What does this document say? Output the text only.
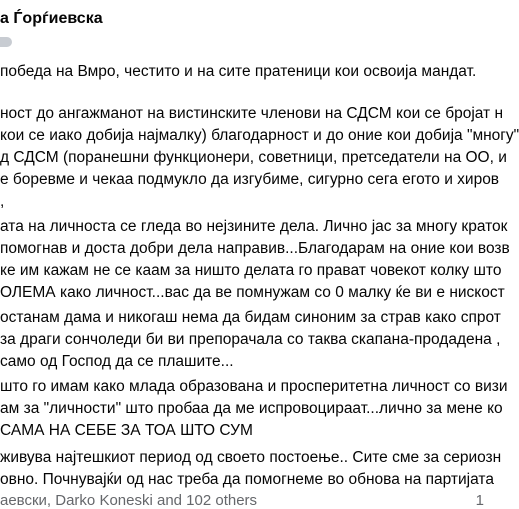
a Ѓорѓиевска
победа на Вмро, честито и на сите пратеници кои освоија мандат.
ност до ангажманот на вистинските членови на СДСМ кои се бројат н
кои се иако добија најмалку) благодарност и до оние кои добија "многу"
д СДСМ (поранешни функционери, советници, претседатели на ОО, и
е боревме и чекаа подмукло да изгубиме, сигурно сега егото и хиров
,
ата на личноста се гледа во нејзините дела. Лично јас за многу краток
помогнав и доста добри дела направив...Благодарам на оние кои возв
ке им кажам не се каам за ништо делата го прават човекот колку што
ОЛЕМА како личност...вас да ве помнужам со 0 малку ќе ви е нискост
останам дама и никогаш нема да бидам синоним за страв како спрот
за драги сончоледи би ви препорачала со таква скапана-продадена ,
самo од Господ да се плашите...
што го имам како млада образована и просперитетна личност со визи
ам за "личности" што пробаа да ме испровоцираат...лично за мене ко
САМА НА СЕБЕ ЗА ТОА ШТО СУМ
живува најтешкиот период од своето постоење.. Сите сме за сериозн
овно. Почнуваjќи од нас треба да помогнеме во обнова на партијата
аевски, Darko Koneski and 102 others	1
